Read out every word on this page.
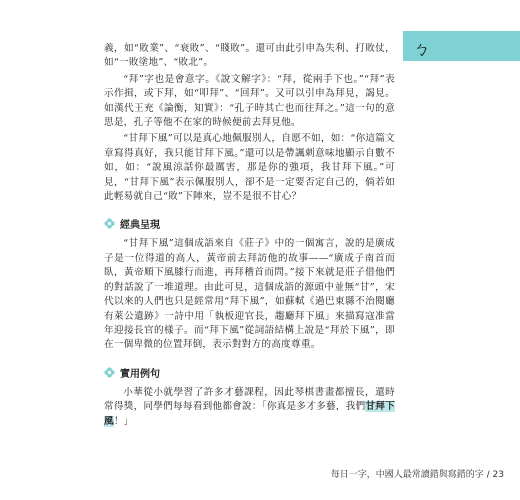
ㄅ

義，如“敗業”、“衰敗”、“賤敗”。還可由此引申為失利、打敗仗，如“一敗塗地”、“敗北”。

“拜”字也是會意字。《說文解字》：“拜，從兩手下也。”“拜”表示作揖，或下拜，如“叩拜”、“回拜”。又可以引申為拜見，謁見。如漢代王充《論衡，知實》：“孔子時其亡也而往拜之。”這一句的意思是，孔子等他不在家的時候便前去拜見他。

“甘拜下風”可以是真心地佩服別人，自愿不如，如：“你這篇文章寫得真好，我只能甘拜下風。”還可以是帶諷刺意味地顯示自數不如，如：“說風涼話你最厲害，那是你的強項，我甘拜下風。”可見，“甘拜下風”表示佩服別人，卻不是一定要否定自己的，倘若如此輕易就自己“敗”下陣來，豈不是很不甘心？

經典呈現

“甘拜下風”這個成語來自《莊子》中的一個寓言，說的是廣成子是一位得道的高人，黃帝前去拜訪他的故事——“廣成子南首而臥，黃帝順下風膝行而進，再拜稽首而問。”接下來就是莊子借他們的對話說了一堆道理。由此可見，這個成語的源頭中並無“甘”，宋代以來的人們也只是經常用“拜下風”，如蘇軾《過巴東縣不治閱廳有萊公遺跡》一詩中用「執板迎官長，趨廳拜下風」來描寫寇准當年迎接長官的樣子。而“拜下風”從詞語結構上說是“拜於下風”，即在一個卑微的位置拜倒，表示對對方的高度尊重。

實用例句

小華從小就學習了許多才藝課程，因此琴棋書畫都擅長，還時常得獎，同學們每每看到他都會說：「你真是多才多藝，我們甘拜下風！」

每日一字，中國人最常讀錯與寫錯的字 / 23
